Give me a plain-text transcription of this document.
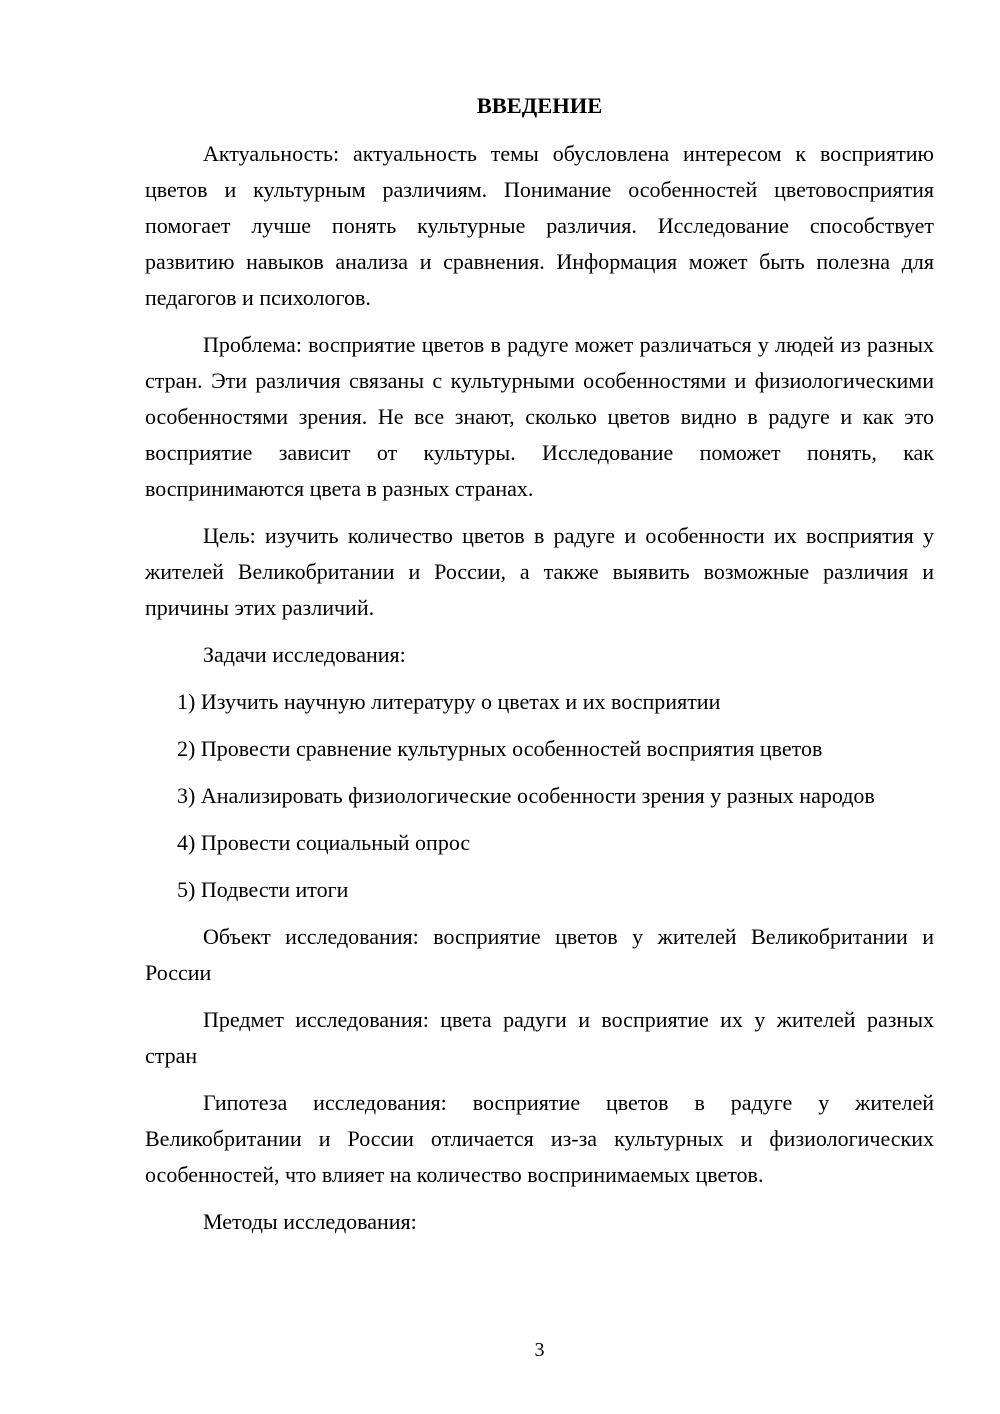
ВВЕДЕНИЕ

Актуальность: актуальность темы обусловлена интересом к восприятию цветов и культурным различиям. Понимание особенностей цветовосприятия помогает лучше понять культурные различия. Исследование способствует развитию навыков анализа и сравнения. Информация может быть полезна для педагогов и психологов.

Проблема: восприятие цветов в радуге может различаться у людей из разных стран. Эти различия связаны с культурными особенностями и физиологическими особенностями зрения. Не все знают, сколько цветов видно в радуге и как это восприятие зависит от культуры. Исследование поможет понять, как воспринимаются цвета в разных странах.

Цель: изучить количество цветов в радуге и особенности их восприятия у жителей Великобритании и России, а также выявить возможные различия и причины этих различий.

Задачи исследования:

1) Изучить научную литературу о цветах и их восприятии

2) Провести сравнение культурных особенностей восприятия цветов

3) Анализировать физиологические особенности зрения у разных народов

4) Провести социальный опрос

5) Подвести итоги

Объект исследования: восприятие цветов у жителей Великобритании и России

Предмет исследования: цвета радуги и восприятие их у жителей разных стран

Гипотеза исследования: восприятие цветов в радуге у жителей Великобритании и России отличается из-за культурных и физиологических особенностей, что влияет на количество воспринимаемых цветов.

Методы исследования:

3
